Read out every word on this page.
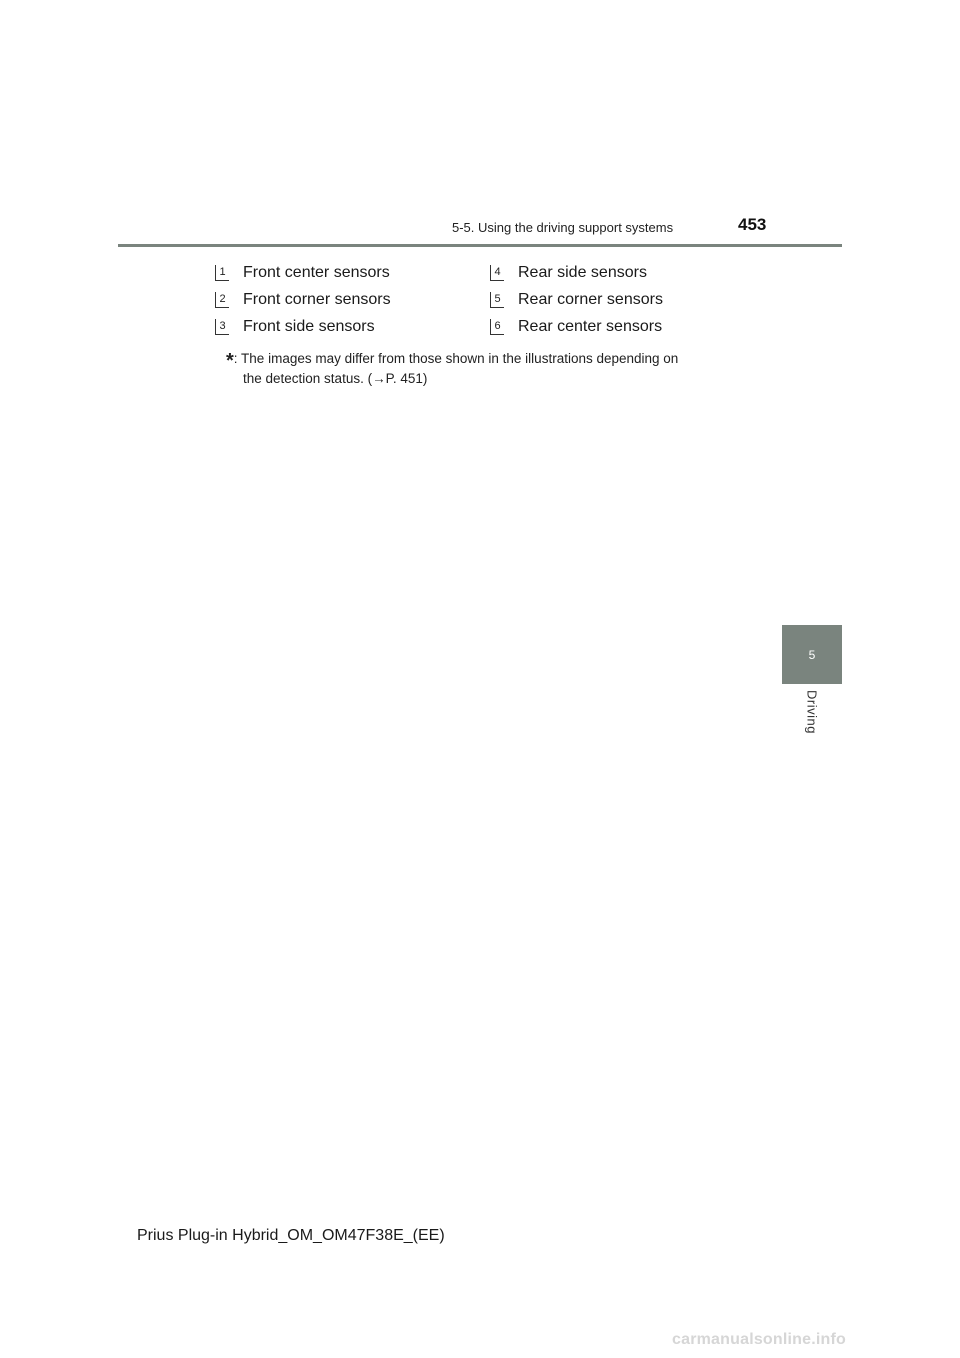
5-5. Using the driving support systems	453
1 Front center sensors
2 Front corner sensors
3 Front side sensors
4 Rear side sensors
5 Rear corner sensors
6 Rear center sensors
*: The images may differ from those shown in the illustrations depending on
the detection status. (→P. 451)
5
Driving
Prius Plug-in Hybrid_OM_OM47F38E_(EE)
carmanualsonline.info
